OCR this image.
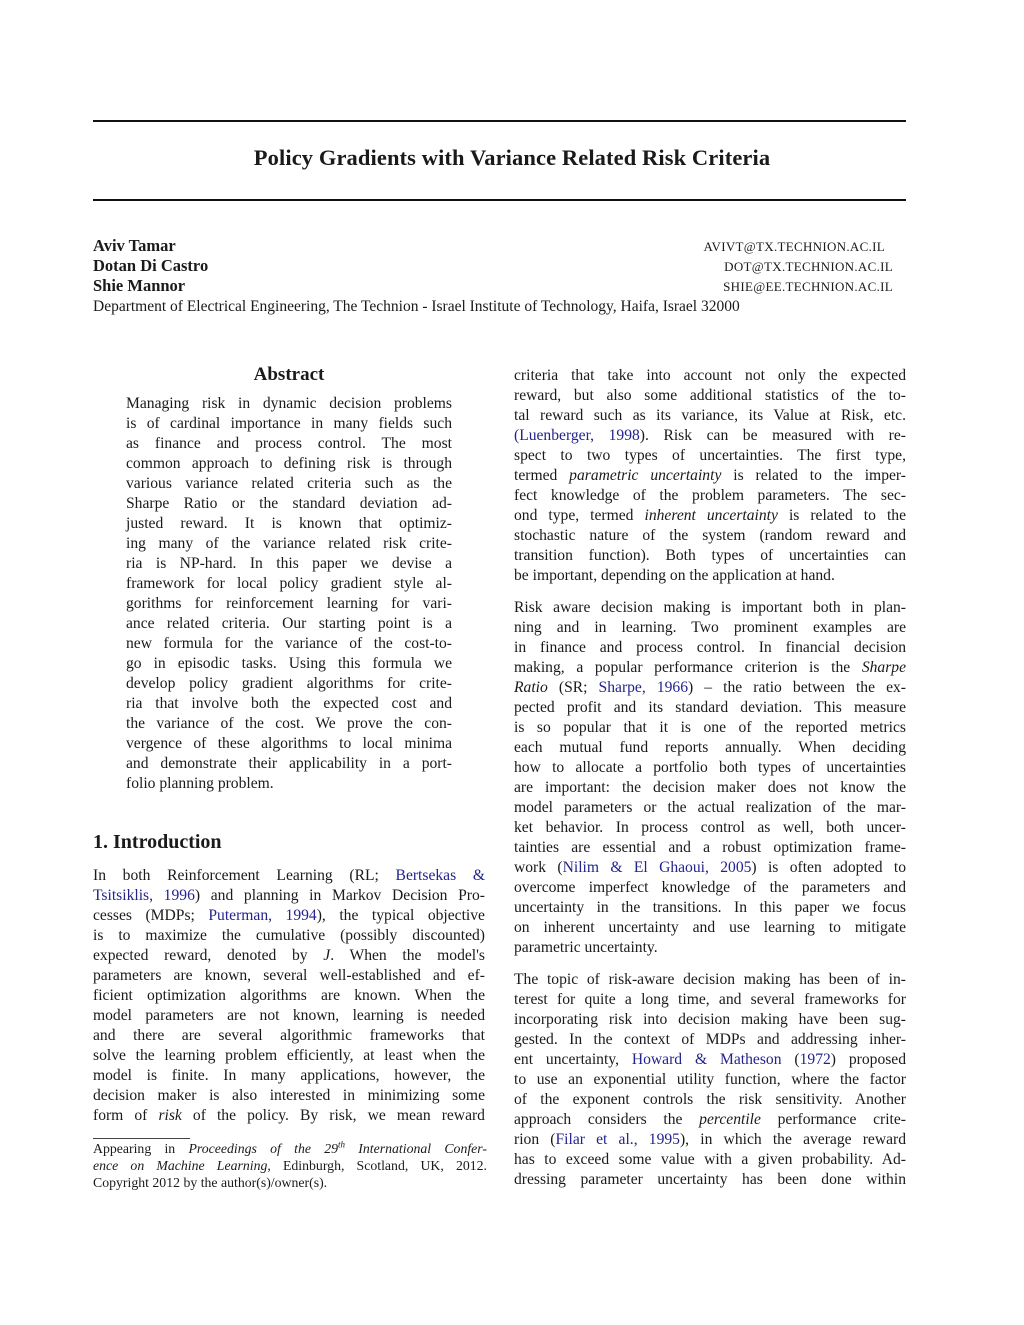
Policy Gradients with Variance Related Risk Criteria
Aviv Tamar	AVIVT@TX.TECHNION.AC.IL
Dotan Di Castro	DOT@TX.TECHNION.AC.IL
Shie Mannor	SHIE@EE.TECHNION.AC.IL
Department of Electrical Engineering, The Technion - Israel Institute of Technology, Haifa, Israel 32000
Abstract
Managing risk in dynamic decision problems
is of cardinal importance in many fields such
as finance and process control. The most
common approach to defining risk is through
various variance related criteria such as the
Sharpe Ratio or the standard deviation ad-
justed reward. It is known that optimiz-
ing many of the variance related risk crite-
ria is NP-hard. In this paper we devise a
framework for local policy gradient style al-
gorithms for reinforcement learning for vari-
ance related criteria. Our starting point is a
new formula for the variance of the cost-to-
go in episodic tasks. Using this formula we
develop policy gradient algorithms for crite-
ria that involve both the expected cost and
the variance of the cost. We prove the con-
vergence of these algorithms to local minima
and demonstrate their applicability in a port-
folio planning problem.
1. Introduction
In both Reinforcement Learning (RL; Bertsekas &
Tsitsiklis, 1996) and planning in Markov Decision Pro-
cesses (MDPs; Puterman, 1994), the typical objective
is to maximize the cumulative (possibly discounted)
expected reward, denoted by J. When the model's
parameters are known, several well-established and ef-
ficient optimization algorithms are known. When the
model parameters are not known, learning is needed
and there are several algorithmic frameworks that
solve the learning problem efficiently, at least when the
model is finite. In many applications, however, the
decision maker is also interested in minimizing some
form of risk of the policy. By risk, we mean reward
Appearing in Proceedings of the 29th International Confer-
ence on Machine Learning, Edinburgh, Scotland, UK, 2012.
Copyright 2012 by the author(s)/owner(s).
criteria that take into account not only the expected
reward, but also some additional statistics of the to-
tal reward such as its variance, its Value at Risk, etc.
(Luenberger, 1998). Risk can be measured with re-
spect to two types of uncertainties. The first type,
termed parametric uncertainty is related to the imper-
fect knowledge of the problem parameters. The sec-
ond type, termed inherent uncertainty is related to the
stochastic nature of the system (random reward and
transition function). Both types of uncertainties can
be important, depending on the application at hand.
Risk aware decision making is important both in plan-
ning and in learning. Two prominent examples are
in finance and process control. In financial decision
making, a popular performance criterion is the Sharpe
Ratio (SR; Sharpe, 1966) – the ratio between the ex-
pected profit and its standard deviation. This measure
is so popular that it is one of the reported metrics
each mutual fund reports annually. When deciding
how to allocate a portfolio both types of uncertainties
are important: the decision maker does not know the
model parameters or the actual realization of the mar-
ket behavior. In process control as well, both uncer-
tainties are essential and a robust optimization frame-
work (Nilim & El Ghaoui, 2005) is often adopted to
overcome imperfect knowledge of the parameters and
uncertainty in the transitions. In this paper we focus
on inherent uncertainty and use learning to mitigate
parametric uncertainty.
The topic of risk-aware decision making has been of in-
terest for quite a long time, and several frameworks for
incorporating risk into decision making have been sug-
gested. In the context of MDPs and addressing inher-
ent uncertainty, Howard & Matheson (1972) proposed
to use an exponential utility function, where the factor
of the exponent controls the risk sensitivity. Another
approach considers the percentile performance crite-
rion (Filar et al., 1995), in which the average reward
has to exceed some value with a given probability. Ad-
dressing parameter uncertainty has been done within
